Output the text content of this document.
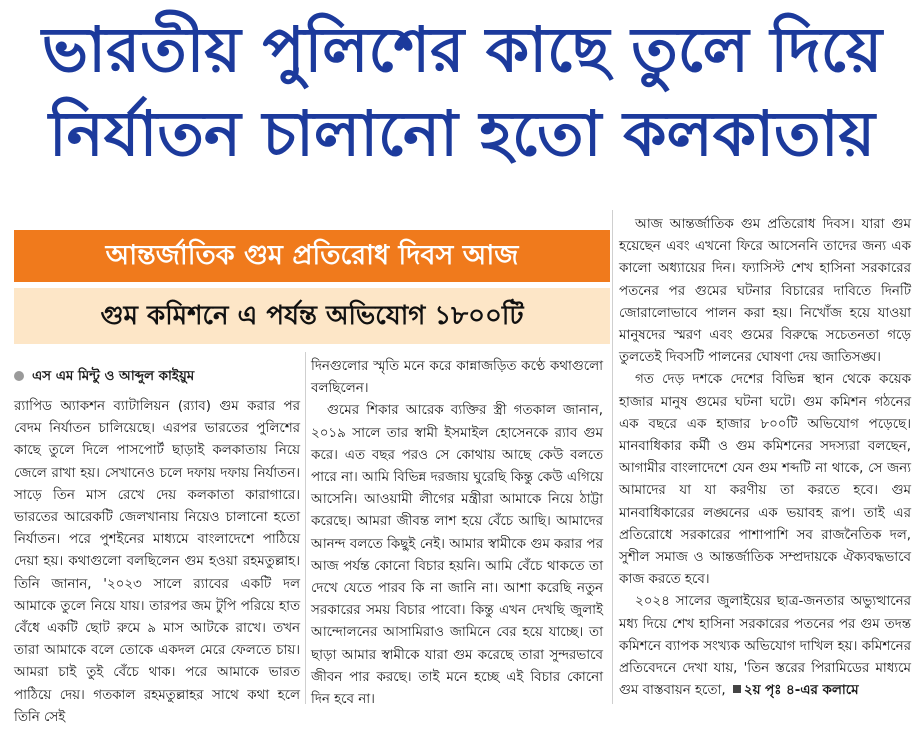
ভারতীয় পুলিশের কাছে তুলে দিয়ে
নির্যাতন চালানো হতো কলকাতায়
আন্তর্জাতিক গুম প্রতিরোধ দিবস আজ
গুম কমিশনে এ পর্যন্ত অভিযোগ ১৮০০টি
এস এম মিন্টু ও আব্দুল কাইয়ুম

র‌্যাপিড অ্যাকশন ব্যাটালিয়ন (র‌্যাব) গুম করার পর বেদম নির্যাতন চালিয়েছে। এরপর ভারতের পুলিশের কাছে তুলে দিলে পাসপোর্ট ছাড়াই কলকাতায় নিয়ে জেলে রাখা হয়। সেখানেও চলে দফায় দফায় নির্যাতন। সাড়ে তিন মাস রেখে দেয় কলকাতা কারাগারে। ভারতের আরেকটি জেলখানায় নিয়েও চালানো হতো নির্যাতন। পরে পুশইনের মাধ্যমে বাংলাদেশে পাঠিয়ে দেয়া হয়। কথাগুলো বলছিলেন গুম হওয়া রহমতুল্লাহ। তিনি জানান, '২০২৩ সালে র‌্যাবের একটি দল আমাকে তুলে নিয়ে যায়। তারপর জম টুপি পরিয়ে হাত বেঁধে একটি ছোট রুমে ৯ মাস আটকে রাখে। তখন তারা আমাকে বলে তোকে একদল মেরে ফেলতে চায়। আমরা চাই তুই বেঁচে থাক। পরে আমাকে ভারত পাঠিয়ে দেয়। গতকাল রহমতুল্লাহর সাথে কথা হলে তিনি সেই

দিনগুলোর স্মৃতি মনে করে কান্নাজড়িত কণ্ঠে কথাগুলো বলছিলেন।

গুমের শিকার আরেক ব্যক্তির স্ত্রী গতকাল জানান, ২০১৯ সালে তার স্বামী ইসমাইল হোসেনকে র‌্যাব গুম করে। এত বছর পরও সে কোথায় আছে কেউ বলতে পারে না। আমি বিভিন্ন দরজায় ঘুরেছি কিন্তু কেউ এগিয়ে আসেনি। আওয়ামী লীগের মন্ত্রীরা আমাকে নিয়ে ঠাট্টা করেছে। আমরা জীবন্ত লাশ হয়ে বেঁচে আছি। আমাদের আনন্দ বলতে কিছুই নেই। আমার স্বামীকে গুম করার পর আজ পর্যন্ত কোনো বিচার হয়নি। আমি বেঁচে থাকতে তা দেখে যেতে পারব কি না জানি না। আশা করেছি নতুন সরকারের সময় বিচার পাবো। কিন্তু এখন দেখছি জুলাই আন্দোলনের আসামিরাও জামিনে বের হয়ে যাচ্ছে। তা ছাড়া আমার স্বামীকে যারা গুম করেছে তারা সুন্দরভাবে জীবন পার করছে। তাই মনে হচ্ছে এই বিচার কোনো দিন হবে না।

আজ আন্তর্জাতিক গুম প্রতিরোধ দিবস। যারা গুম হয়েছেন এবং এখনো ফিরে আসেননি তাদের জন্য এক কালো অধ্যায়ের দিন। ফ্যাসিস্ট শেখ হাসিনা সরকারের পতনের পর গুমের ঘটনার বিচারের দাবিতে দিনটি জোরালোভাবে পালন করা হয়। নিখোঁজ হয়ে যাওয়া মানুষদের স্মরণ এবং গুমের বিরুদ্ধে সচেতনতা গড়ে তুলতেই দিবসটি পালনের ঘোষণা দেয় জাতিসঙ্ঘ।

গত দেড় দশকে দেশের বিভিন্ন স্থান থেকে কয়েক হাজার মানুষ গুমের ঘটনা ঘটে। গুম কমিশন গঠনের এক বছরে এক হাজার ৮০০টি অভিযোগ পড়েছে। মানবাধিকার কর্মী ও গুম কমিশনের সদস্যরা বলছেন, আগামীর বাংলাদেশে যেন গুম শব্দটি না থাকে, সে জন্য আমাদের যা যা করণীয় তা করতে হবে। গুম মানবাধিকারের লঙ্ঘনের এক ভয়াবহ রূপ। তাই এর প্রতিরোধে সরকারের পাশাপাশি সব রাজনৈতিক দল, সুশীল সমাজ ও আন্তর্জাতিক সম্প্রদায়কে ঐক্যবদ্ধভাবে কাজ করতে হবে।

২০২৪ সালের জুলাইয়ের ছাত্র-জনতার অভ্যুত্থানের মধ্য দিয়ে শেখ হাসিনা সরকারের পতনের পর গুম তদন্ত কমিশনে ব্যাপক সংখ্যক অভিযোগ দাখিল হয়। কমিশনের প্রতিবেদনে দেখা যায়, 'তিন স্তরের পিরামিডের মাধ্যমে গুম বাস্তবায়ন হতো, ২য় পৃঃ ৪-এর কলামে
